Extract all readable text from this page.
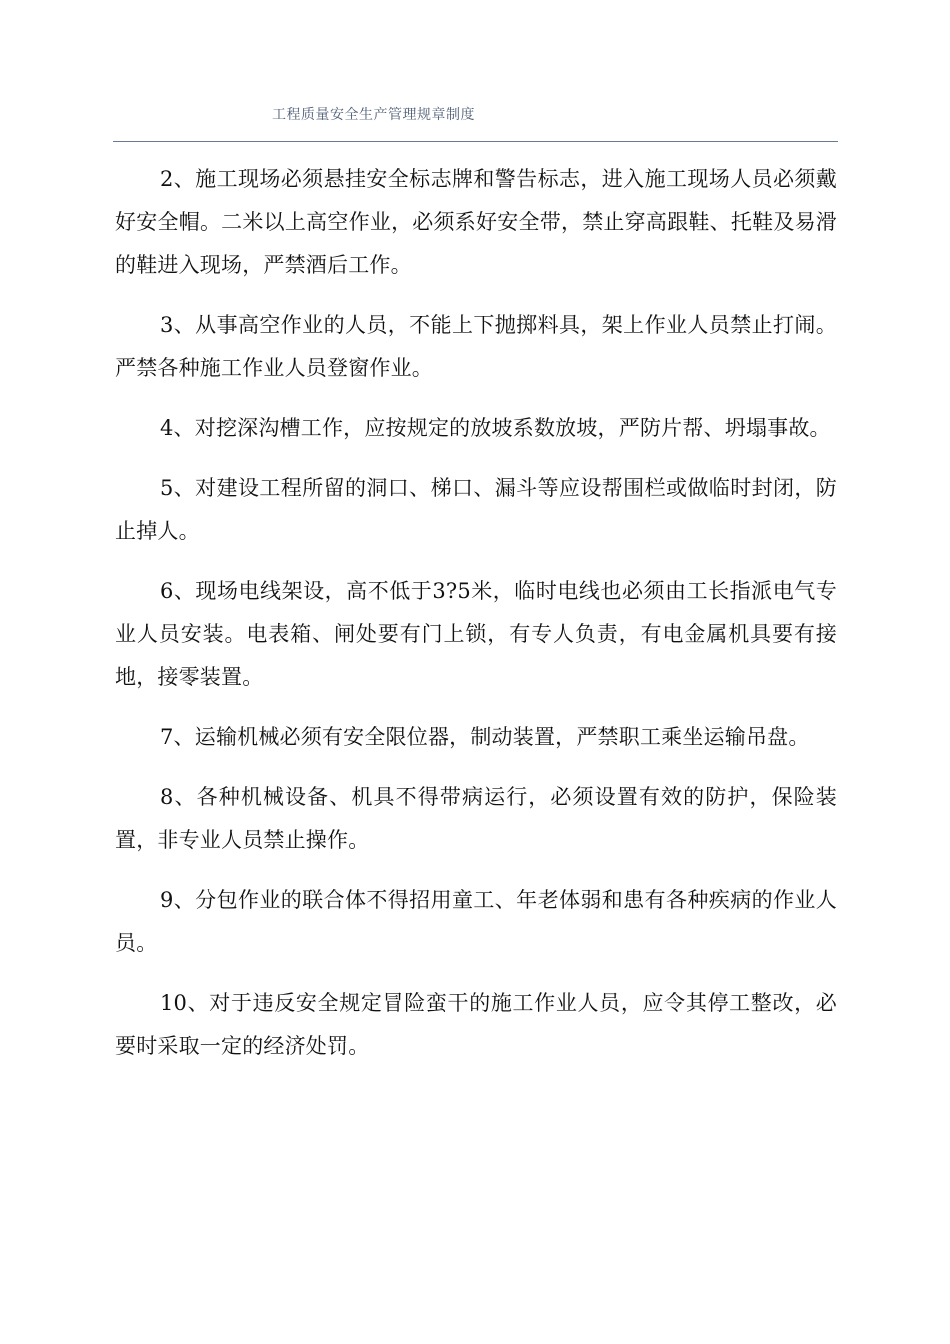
工程质量安全生产管理规章制度

2、施工现场必须悬挂安全标志牌和警告标志，进入施工现场人员必须戴好安全帽。二米以上高空作业，必须系好安全带，禁止穿高跟鞋、托鞋及易滑的鞋进入现场，严禁酒后工作。

3、从事高空作业的人员，不能上下抛掷料具，架上作业人员禁止打闹。严禁各种施工作业人员登窗作业。

4、对挖深沟槽工作，应按规定的放坡系数放坡，严防片帮、坍塌事故。

5、对建设工程所留的洞口、梯口、漏斗等应设帮围栏或做临时封闭，防止掉人。

6、现场电线架设，高不低于3?5米，临时电线也必须由工长指派电气专业人员安装。电表箱、闸处要有门上锁，有专人负责，有电金属机具要有接地，接零装置。

7、运输机械必须有安全限位器，制动装置，严禁职工乘坐运输吊盘。

8、各种机械设备、机具不得带病运行，必须设置有效的防护，保险装置，非专业人员禁止操作。

9、分包作业的联合体不得招用童工、年老体弱和患有各种疾病的作业人员。

10、对于违反安全规定冒险蛮干的施工作业人员，应令其停工整改，必要时采取一定的经济处罚。
